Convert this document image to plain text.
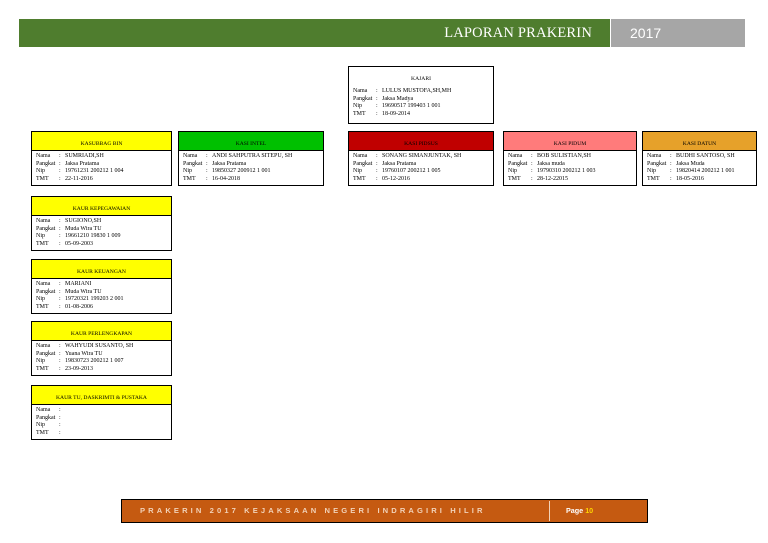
LAPORAN PRAKERIN	2017
KAJARI
Nama	: LULUS MUSTOFA,SH,MH
Pangkat : Jaksa Madya
Nip	: 19690517 199403 1 001
TMT	: 18-09-2014
KASUBBAG BIN
Nama	: SUMRIADI,SH
Pangkat : Jaksa Pratama
Nip	: 19761231 200212 1 004
TMT	: 22-11-2016
KASI INTEL
Nama	: ANDI SAHPUTRA SITEPU, SH
Pangkat : Jaksa Pratama
Nip	: 19850327 200912 1 001
TMT	: 16-04-2018
KASI PIDSUS
Nama	: SONANG SIMANJUNTAK, SH
Pangkat : Jaksa Pratama
Nip	: 19760107 200212 1 005
TMT	: 05-12-2016
KASI PIDUM
Nama	: BOB SULISTIAN,SH
Pangkat : Jaksa muda
Nip	: 19790310 200212 1 003
TMT	: 28-12-22015
KASI DATUN
Nama	: BUDHI SANTOSO, SH
Pangkat : Jaksa Muda
Nip	: 19820414 200212 1 001
TMT	: 18-05-2016
KAUR KEPEGAWAIAN
Nama	: SUGIONO,SH
Pangkat : Muda Wira TU
Nip	: 19661210 19830 1 009
TMT	: 05-09-2003
KAUR KEUANGAN
Nama	: MARIANI
Pangkat : Muda Wira TU
Nip	: 19720321 199203 2 001
TMT	: 01-08-2006
KAUR PERLENGKAPAN
Nama	: WAHYUDI SUSANTO, SH
Pangkat : Yuana Wira TU
Nip	: 19830723 200212 1 007
TMT	: 23-09-2013
KAUR TU, DASKRIMTI & PUSTAKA
Nama	:
Pangkat :
Nip	:
TMT	:
PRAKERIN 2017 KEJAKSAAN NEGERI INDRAGIRI HILIR	Page 10
